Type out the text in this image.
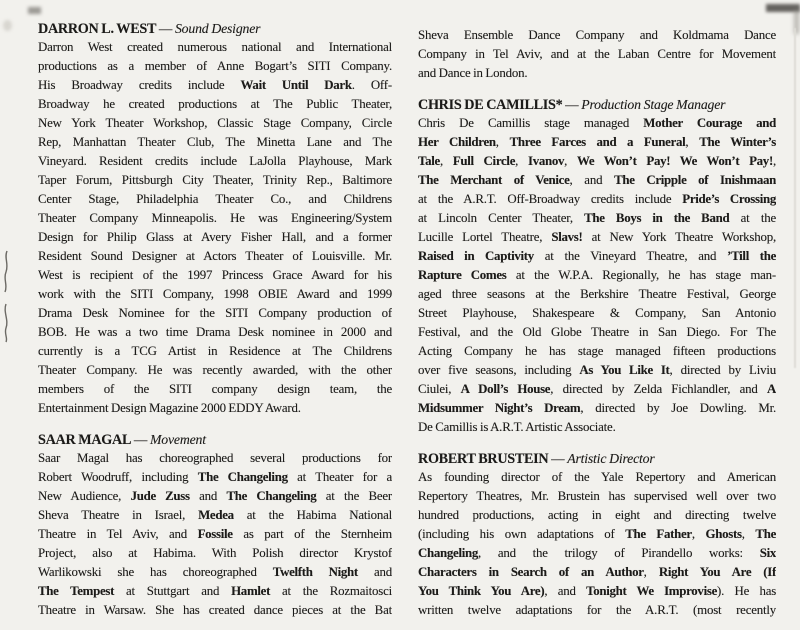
DARRON L. WEST — Sound Designer
Darron West created numerous national and International
productions as a member of Anne Bogart’s SITI Company.
His Broadway credits include Wait Until Dark. Off-
Broadway he created productions at The Public Theater,
New York Theater Workshop, Classic Stage Company, Circle
Rep, Manhattan Theater Club, The Minetta Lane and The
Vineyard. Resident credits include LaJolla Playhouse, Mark
Taper Forum, Pittsburgh City Theater, Trinity Rep., Baltimore
Center Stage, Philadelphia Theater Co., and Childrens
Theater Company Minneapolis. He was Engineering/System
Design for Philip Glass at Avery Fisher Hall, and a former
Resident Sound Designer at Actors Theater of Louisville. Mr.
West is recipient of the 1997 Princess Grace Award for his
work with the SITI Company, 1998 OBIE Award and 1999
Drama Desk Nominee for the SITI Company production of
BOB. He was a two time Drama Desk nominee in 2000 and
currently is a TCG Artist in Residence at The Childrens
Theater Company. He was recently awarded, with the other
members of the SITI company design team, the
Entertainment Design Magazine 2000 EDDY Award.
SAAR MAGAL — Movement
Saar Magal has choreographed several productions for
Robert Woodruff, including The Changeling at Theater for a
New Audience, Jude Zuss and The Changeling at the Beer
Sheva Theatre in Israel, Medea at the Habima National
Theatre in Tel Aviv, and Fossile as part of the Sternheim
Project, also at Habima. With Polish director Krystof
Warlikowski she has choreographed Twelfth Night and
The Tempest at Stuttgart and Hamlet at the Rozmaitosci
Theatre in Warsaw. She has created dance pieces at the Bat
Sheva Ensemble Dance Company and Koldmama Dance
Company in Tel Aviv, and at the Laban Centre for Movement
and Dance in London.
CHRIS DE CAMILLIS* — Production Stage Manager
Chris De Camillis stage managed Mother Courage and
Her Children, Three Farces and a Funeral, The Winter’s
Tale, Full Circle, Ivanov, We Won’t Pay! We Won’t Pay!,
The Merchant of Venice, and The Cripple of Inishmaan
at the A.R.T. Off-Broadway credits include Pride’s Crossing
at Lincoln Center Theater, The Boys in the Band at the
Lucille Lortel Theatre, Slavs! at New York Theatre Workshop,
Raised in Captivity at the Vineyard Theatre, and ’Till the
Rapture Comes at the W.P.A. Regionally, he has stage man-
aged three seasons at the Berkshire Theatre Festival, George
Street Playhouse, Shakespeare & Company, San Antonio
Festival, and the Old Globe Theatre in San Diego. For The
Acting Company he has stage managed fifteen productions
over five seasons, including As You Like It, directed by Liviu
Ciulei, A Doll’s House, directed by Zelda Fichlandler, and A
Midsummer Night’s Dream, directed by Joe Dowling. Mr.
De Camillis is A.R.T. Artistic Associate.
ROBERT BRUSTEIN — Artistic Director
As founding director of the Yale Repertory and American
Repertory Theatres, Mr. Brustein has supervised well over two
hundred productions, acting in eight and directing twelve
(including his own adaptations of The Father, Ghosts, The
Changeling, and the trilogy of Pirandello works: Six
Characters in Search of an Author, Right You Are (If
You Think You Are), and Tonight We Improvise). He has
written twelve adaptations for the A.R.T. (most recently
